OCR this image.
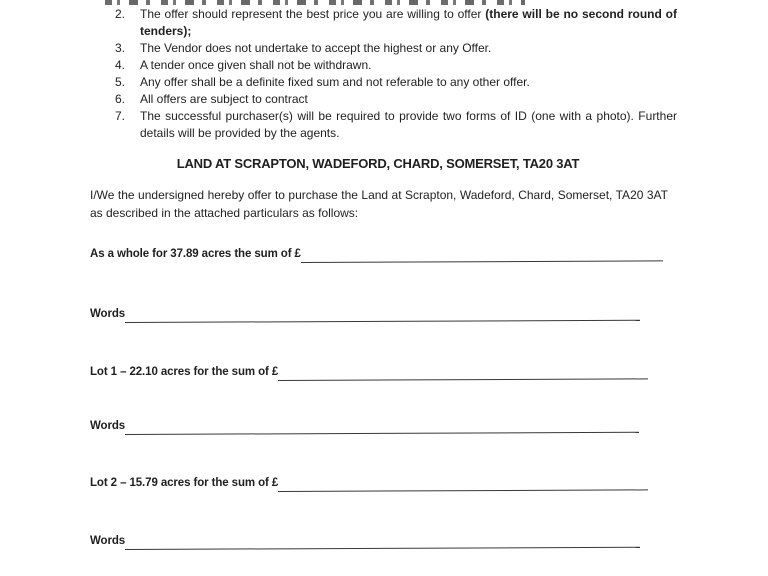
2.	The offer should represent the best price you are willing to offer (there will be no second round of tenders);
3.	The Vendor does not undertake to accept the highest or any Offer.
4.	A tender once given shall not be withdrawn.
5.	Any offer shall be a definite fixed sum and not referable to any other offer.
6.	All offers are subject to contract
7.	The successful purchaser(s) will be required to provide two forms of ID (one with a photo). Further details will be provided by the agents.
LAND AT SCRAPTON, WADEFORD, CHARD, SOMERSET, TA20 3AT
I/We the undersigned hereby offer to purchase the Land at Scrapton, Wadeford, Chard, Somerset, TA20 3AT as described in the attached particulars as follows:
As a whole for 37.89 acres the sum of £
Words
Lot 1 – 22.10 acres for the sum of £
Words
Lot 2 – 15.79 acres for the sum of £
Words
